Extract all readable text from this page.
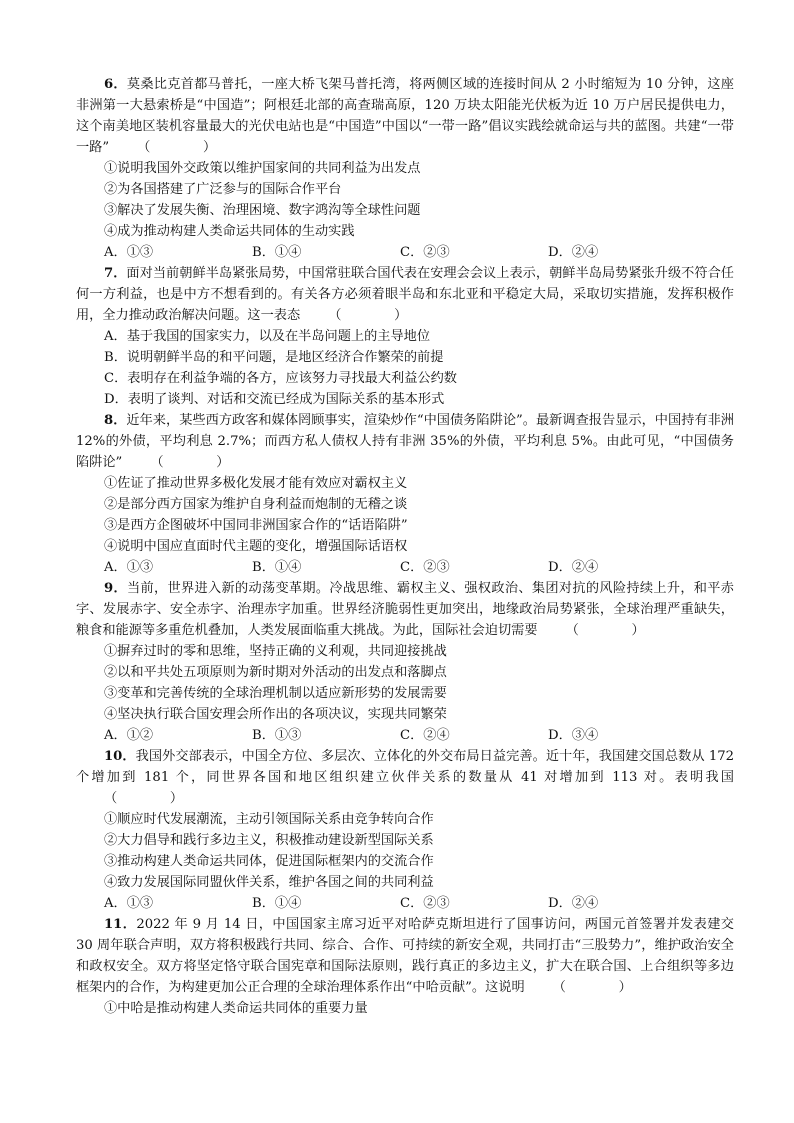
6．莫桑比克首都马普托，一座大桥飞架马普托湾，将两侧区域的连接时间从 2 小时缩短为 10 分钟，这座非洲第一大悬索桥是“中国造”；阿根廷北部的高查瑞高原，120 万块太阳能光伏板为近 10 万户居民提供电力，这个南美地区装机容量最大的光伏电站也是“中国造”中国以“一带一路”倡议实践绘就命运与共的蓝图。共建“一带一路” （　　　　）

①说明我国外交政策以维护国家间的共同利益为出发点

②为各国搭建了广泛参与的国际合作平台

③解决了发展失衡、治理困境、数字鸿沟等全球性问题

④成为推动构建人类命运共同体的生动实践

A．①③	B．①④	C．②③	D．②④

7．面对当前朝鲜半岛紧张局势，中国常驻联合国代表在安理会会议上表示，朝鲜半岛局势紧张升级不符合任何一方利益，也是中方不想看到的。有关各方必须着眼半岛和东北亚和平稳定大局，采取切实措施，发挥积极作用，全力推动政治解决问题。这一表态 （　　　　）

A．基于我国的国家实力，以及在半岛问题上的主导地位

B．说明朝鲜半岛的和平问题，是地区经济合作繁荣的前提

C．表明存在利益争端的各方，应该努力寻找最大利益公约数

D．表明了谈判、对话和交流已经成为国际关系的基本形式

8．近年来，某些西方政客和媒体罔顾事实，渲染炒作“中国债务陷阱论”。最新调查报告显示，中国持有非洲 12%的外债，平均利息 2.7%；而西方私人债权人持有非洲 35%的外债，平均利息 5%。由此可见，“中国债务陷阱论” （　　　　）

①佐证了推动世界多极化发展才能有效应对霸权主义

②是部分西方国家为维护自身利益而炮制的无稽之谈

③是西方企图破坏中国同非洲国家合作的“话语陷阱”

④说明中国应直面时代主题的变化，增强国际话语权

A．①③	B．①④	C．②③	D．②④

9．当前，世界进入新的动荡变革期。冷战思维、霸权主义、强权政治、集团对抗的风险持续上升，和平赤字、发展赤字、安全赤字、治理赤字加重。世界经济脆弱性更加突出，地缘政治局势紧张，全球治理严重缺失，粮食和能源等多重危机叠加，人类发展面临重大挑战。为此，国际社会迫切需要 （　　　　）

①摒弃过时的零和思维，坚持正确的义利观，共同迎接挑战

②以和平共处五项原则为新时期对外活动的出发点和落脚点

③变革和完善传统的全球治理机制以适应新形势的发展需要

④坚决执行联合国安理会所作出的各项决议，实现共同繁荣

A．①②	B．①③	C．②④	D．③④

10．我国外交部表示，中国全方位、多层次、立体化的外交布局日益完善。近十年，我国建交国总数从 172 个增加到 181 个，同世界各国和地区组织建立伙伴关系的数量从 41 对增加到 113 对。表明我国（　　　　）

①顺应时代发展潮流，主动引领国际关系由竞争转向合作

②大力倡导和践行多边主义，积极推动建设新型国际关系

③推动构建人类命运共同体，促进国际框架内的交流合作

④致力发展国际同盟伙伴关系，维护各国之间的共同利益

A．①③	B．①④	C．②③	D．②④

11．2022 年 9 月 14 日，中国国家主席习近平对哈萨克斯坦进行了国事访问，两国元首签署并发表建交 30 周年联合声明，双方将积极践行共同、综合、合作、可持续的新安全观，共同打击“三股势力”，维护政治安全和政权安全。双方将坚定恪守联合国宪章和国际法原则，践行真正的多边主义，扩大在联合国、上合组织等多边框架内的合作，为构建更加公正合理的全球治理体系作出“中哈贡献”。这说明 （　　　　）

①中哈是推动构建人类命运共同体的重要力量
